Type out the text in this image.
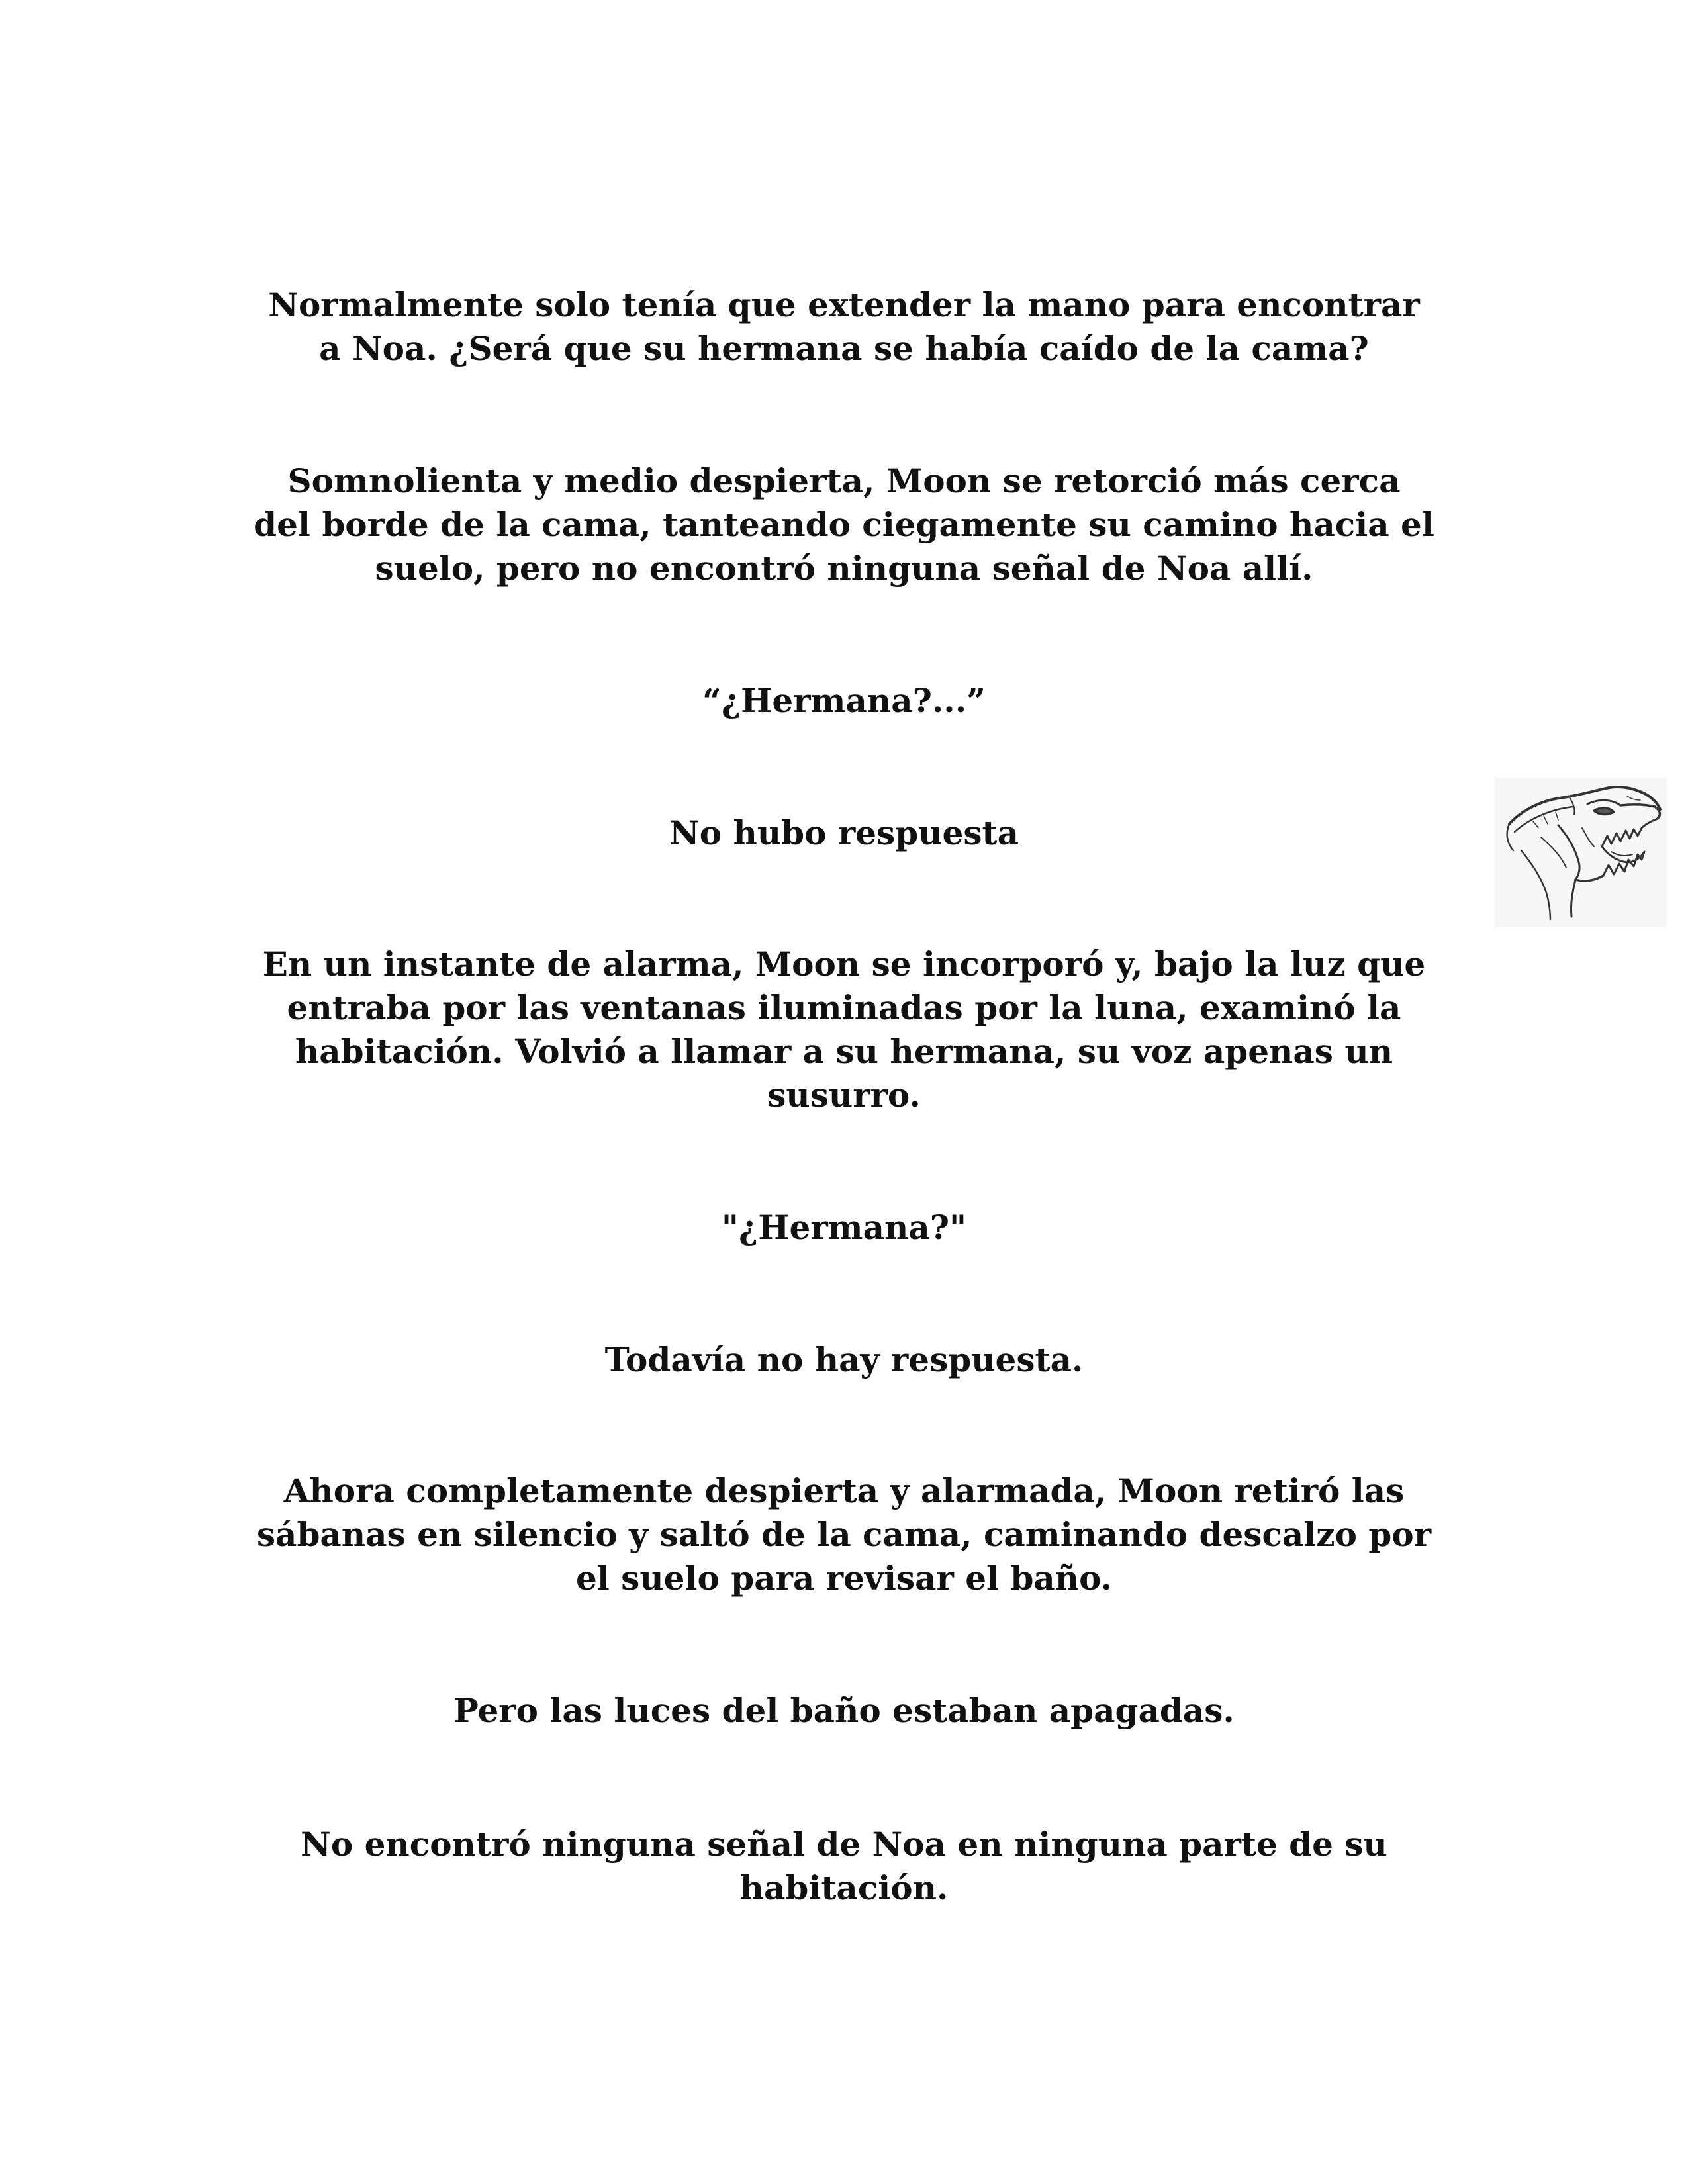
Normalmente solo tenía que extender la mano para encontrar
a Noa. ¿Será que su hermana se había caído de la cama?

Somnolienta y medio despierta, Moon se retorció más cerca
del borde de la cama, tanteando ciegamente su camino hacia el
suelo, pero no encontró ninguna señal de Noa allí.

“¿Hermana?...”

No hubo respuesta

En un instante de alarma, Moon se incorporó y, bajo la luz que
entraba por las ventanas iluminadas por la luna, examinó la
habitación. Volvió a llamar a su hermana, su voz apenas un
susurro.

"¿Hermana?"

Todavía no hay respuesta.

Ahora completamente despierta y alarmada, Moon retiró las
sábanas en silencio y saltó de la cama, caminando descalzo por
el suelo para revisar el baño.

Pero las luces del baño estaban apagadas.

No encontró ninguna señal de Noa en ninguna parte de su
habitación.
